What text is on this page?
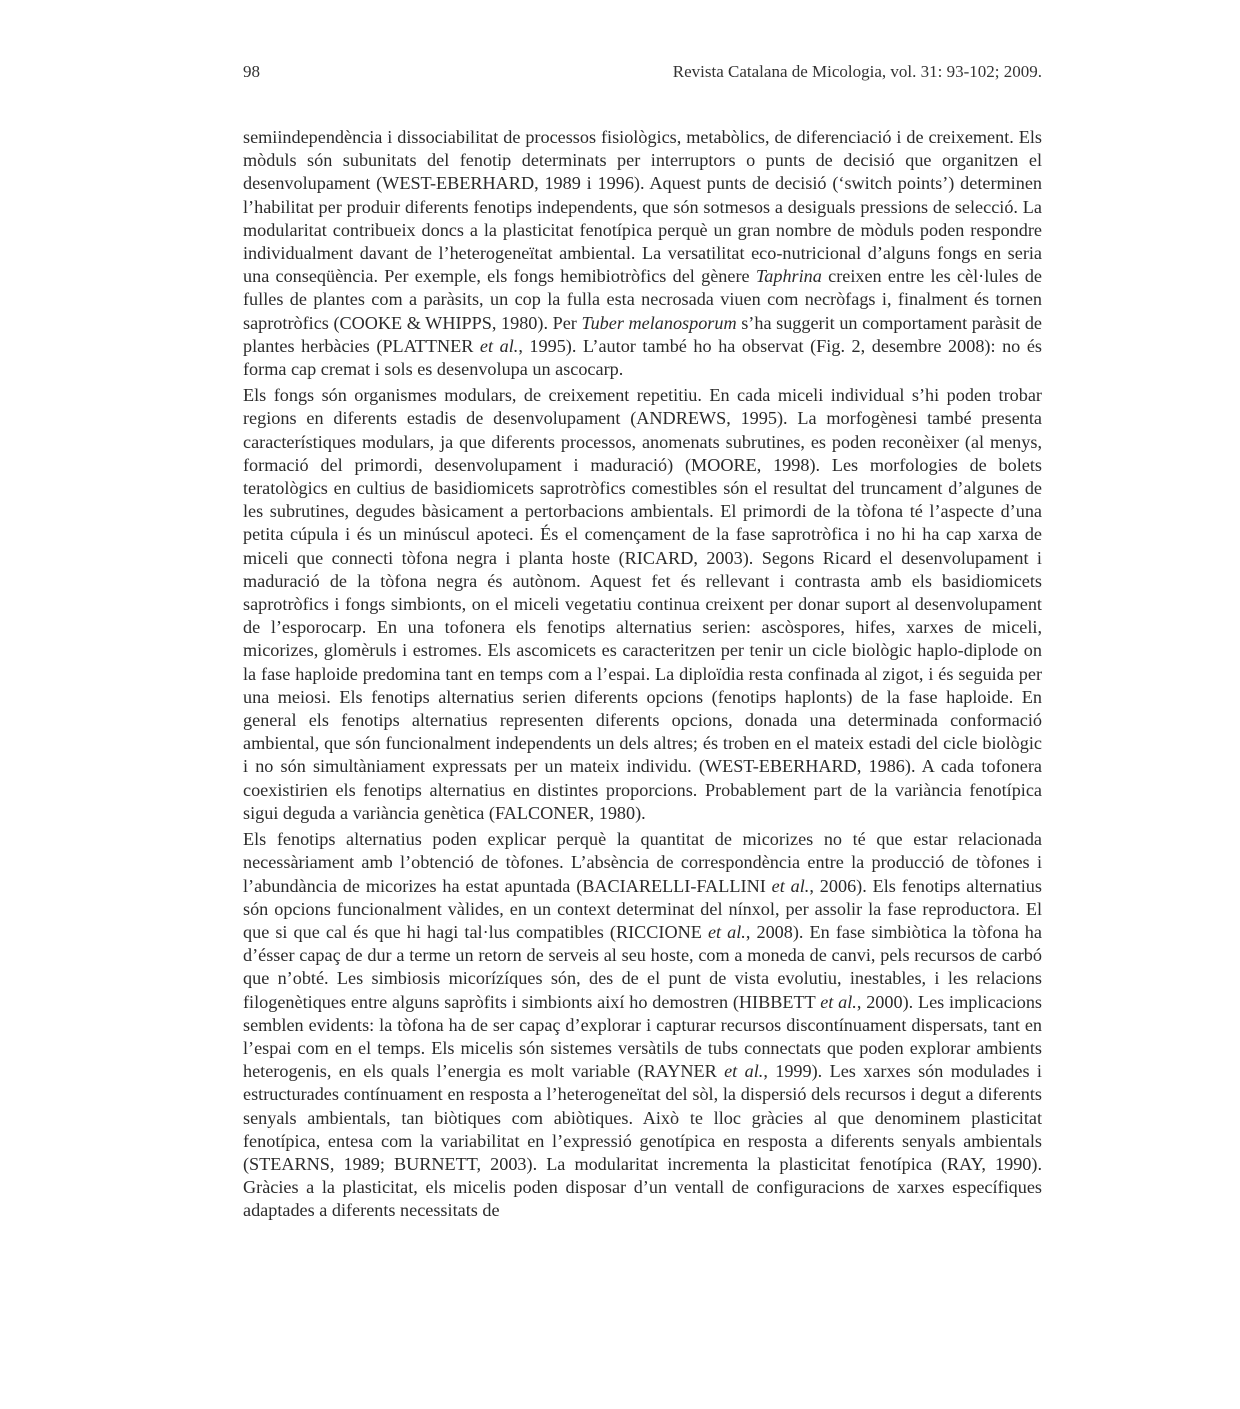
98	Revista Catalana de Micologia, vol. 31: 93-102; 2009.

semiindependència i dissociabilitat de processos fisiològics, metabòlics, de diferenciació i de creixement. Els mòduls són subunitats del fenotip determinats per interruptors o punts de decisió que organitzen el desenvolupament (WEST-EBERHARD, 1989 i 1996). Aquest punts de decisió (‘switch points’) determinen l’habilitat per produir diferents fenotips independents, que són sotmesos a desiguals pressions de selecció. La modularitat contribueix doncs a la plasticitat fenotípica perquè un gran nombre de mòduls poden respondre individualment davant de l’heterogeneïtat ambiental. La versatilitat eco-nutricional d’alguns fongs en seria una conseqüència. Per exemple, els fongs hemibiotròfics del gènere Taphrina creixen entre les cèl·lules de fulles de plantes com a paràsits, un cop la fulla esta necrosada viuen com necròfags i, finalment és tornen saprotròfics (COOKE & WHIPPS, 1980). Per Tuber melanosporum s’ha suggerit un comportament paràsit de plantes herbàcies (PLATTNER et al., 1995). L’autor també ho ha observat (Fig. 2, desembre 2008): no és forma cap cremat i sols es desenvolupa un ascocarp.

Els fongs són organismes modulars, de creixement repetitiu. En cada miceli individual s’hi poden trobar regions en diferents estadis de desenvolupament (ANDREWS, 1995). La morfogènesi també presenta característiques modulars, ja que diferents processos, anomenats subrutines, es poden reconèixer (al menys, formació del primordi, desenvolupament i maduració) (MOORE, 1998). Les morfologies de bolets teratològics en cultius de basidiomicets saprotròfics comestibles són el resultat del truncament d’algunes de les subrutines, degudes bàsicament a pertorbacions ambientals. El primordi de la tòfona té l’aspecte d’una petita cúpula i és un minúscul apoteci. És el començament de la fase saprotròfica i no hi ha cap xarxa de miceli que connecti tòfona negra i planta hoste (RICARD, 2003). Segons Ricard el desenvolupament i maduració de la tòfona negra és autònom. Aquest fet és rellevant i contrasta amb els basidiomicets saprotròfics i fongs simbionts, on el miceli vegetatiu continua creixent per donar suport al desenvolupament de l’esporocarp. En una tofonera els fenotips alternatius serien: ascòspores, hifes, xarxes de miceli, micorizes, glomèruls i estromes. Els ascomicets es caracteritzen per tenir un cicle biològic haplo-diplode on la fase haploide predomina tant en temps com a l’espai. La diploïdia resta confinada al zigot, i és seguida per una meiosi. Els fenotips alternatius serien diferents opcions (fenotips haplonts) de la fase haploide. En general els fenotips alternatius representen diferents opcions, donada una determinada conformació ambiental, que són funcionalment independents un dels altres; és troben en el mateix estadi del cicle biològic i no són simultàniament expressats per un mateix individu. (WEST-EBERHARD, 1986). A cada tofonera coexistirien els fenotips alternatius en distintes proporcions. Probablement part de la variància fenotípica sigui deguda a variància genètica (FALCONER, 1980).

Els fenotips alternatius poden explicar perquè la quantitat de micorizes no té que estar relacionada necessàriament amb l’obtenció de tòfones. L’absència de correspondència entre la producció de tòfones i l’abundància de micorizes ha estat apuntada (BACIARELLI-FALLINI et al., 2006). Els fenotips alternatius són opcions funcionalment vàlides, en un context determinat del nínxol, per assolir la fase reproductora. El que si que cal és que hi hagi tal·lus compatibles (RICCIONE et al., 2008). En fase simbiòtica la tòfona ha d’ésser capaç de dur a terme un retorn de serveis al seu hoste, com a moneda de canvi, pels recursos de carbó que n’obté. Les simbiosis micorízíques són, des de el punt de vista evolutiu, inestables, i les relacions filogenètiques entre alguns sapròfits i simbionts així ho demostren (HIBBETT et al., 2000). Les implicacions semblen evidents: la tòfona ha de ser capaç d’explorar i capturar recursos discontínuament dispersats, tant en l’espai com en el temps. Els micelis són sistemes versàtils de tubs connectats que poden explorar ambients heterogenis, en els quals l’energia es molt variable (RAYNER et al., 1999). Les xarxes són modulades i estructurades contínuament en resposta a l’heterogeneïtat del sòl, la dispersió dels recursos i degut a diferents senyals ambientals, tan biòtiques com abiòtiques. Això te lloc gràcies al que denominem plasticitat fenotípica, entesa com la variabilitat en l’expressió genotípica en resposta a diferents senyals ambientals (STEARNS, 1989; BURNETT, 2003). La modularitat incrementa la plasticitat fenotípica (RAY, 1990). Gràcies a la plasticitat, els micelis poden disposar d’un ventall de configuracions de xarxes específiques adaptades a diferents necessitats de
